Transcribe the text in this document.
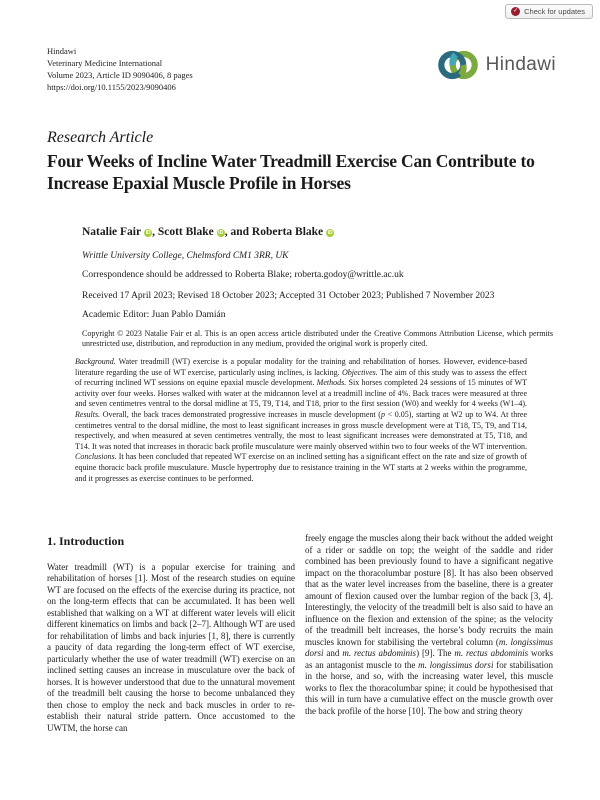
✓ Check for updates
Hindawi
Veterinary Medicine International
Volume 2023, Article ID 9090406, 8 pages
https://doi.org/10.1155/2023/9090406
Hindawi
Research Article
Four Weeks of Incline Water Treadmill Exercise Can Contribute to Increase Epaxial Muscle Profile in Horses
Natalie Fair iD , Scott Blake iD , and Roberta Blake iD
Writtle University College, Chelmsford CM1 3RR, UK
Correspondence should be addressed to Roberta Blake; roberta.godoy@writtle.ac.uk
Received 17 April 2023; Revised 18 October 2023; Accepted 31 October 2023; Published 7 November 2023
Academic Editor: Juan Pablo Damián
Copyright © 2023 Natalie Fair et al. This is an open access article distributed under the Creative Commons Attribution License, which permits unrestricted use, distribution, and reproduction in any medium, provided the original work is properly cited.
Background. Water treadmill (WT) exercise is a popular modality for the training and rehabilitation of horses. However, evidence-based literature regarding the use of WT exercise, particularly using inclines, is lacking. Objectives. The aim of this study was to assess the effect of recurring inclined WT sessions on equine epaxial muscle development. Methods. Six horses completed 24 sessions of 15 minutes of WT activity over four weeks. Horses walked with water at the midcannon level at a treadmill incline of 4%. Back traces were measured at three and seven centimetres ventral to the dorsal midline at T5, T9, T14, and T18, prior to the first session (W0) and weekly for 4 weeks (W1–4). Results. Overall, the back traces demonstrated progressive increases in muscle development (p < 0.05), starting at W2 up to W4. At three centimetres ventral to the dorsal midline, the most to least significant increases in gross muscle development were at T18, T5, T9, and T14, respectively, and when measured at seven centimetres ventrally, the most to least significant increases were demonstrated at T5, T18, and T14. It was noted that increases in thoracic back profile musculature were mainly observed within two to four weeks of the WT intervention. Conclusions. It has been concluded that repeated WT exercise on an inclined setting has a significant effect on the rate and size of growth of equine thoracic back profile musculature. Muscle hypertrophy due to resistance training in the WT starts at 2 weeks within the programme, and it progresses as exercise continues to be performed.
1. Introduction
Water treadmill (WT) is a popular exercise for training and rehabilitation of horses [1]. Most of the research studies on equine WT are focused on the effects of the exercise during its practice, not on the long-term effects that can be accumulated. It has been well established that walking on a WT at different water levels will elicit different kinematics on limbs and back [2–7]. Although WT are used for rehabilitation of limbs and back injuries [1, 8], there is currently a paucity of data regarding the long-term effect of WT exercise, particularly whether the use of water treadmill (WT) exercise on an inclined setting causes an increase in musculature over the back of horses. It is however understood that due to the unnatural movement of the treadmill belt causing the horse to become unbalanced they then chose to employ the neck and back muscles in order to re-establish their natural stride pattern. Once accustomed to the UWTM, the horse can
freely engage the muscles along their back without the added weight of a rider or saddle on top; the weight of the saddle and rider combined has been previously found to have a significant negative impact on the thoracolumbar posture [8]. It has also been observed that as the water level increases from the baseline, there is a greater amount of flexion caused over the lumbar region of the back [3, 4]. Interestingly, the velocity of the treadmill belt is also said to have an influence on the flexion and extension of the spine; as the velocity of the treadmill belt increases, the horse’s body recruits the main muscles known for stabilising the vertebral column (m. longissimus dorsi and m. rectus abdominis) [9]. The m. rectus abdominis works as an antagonist muscle to the m. longissimus dorsi for stabilisation in the horse, and so, with the increasing water level, this muscle works to flex the thoracolumbar spine; it could be hypothesised that this will in turn have a cumulative effect on the muscle growth over the back profile of the horse [10]. The bow and string theory
